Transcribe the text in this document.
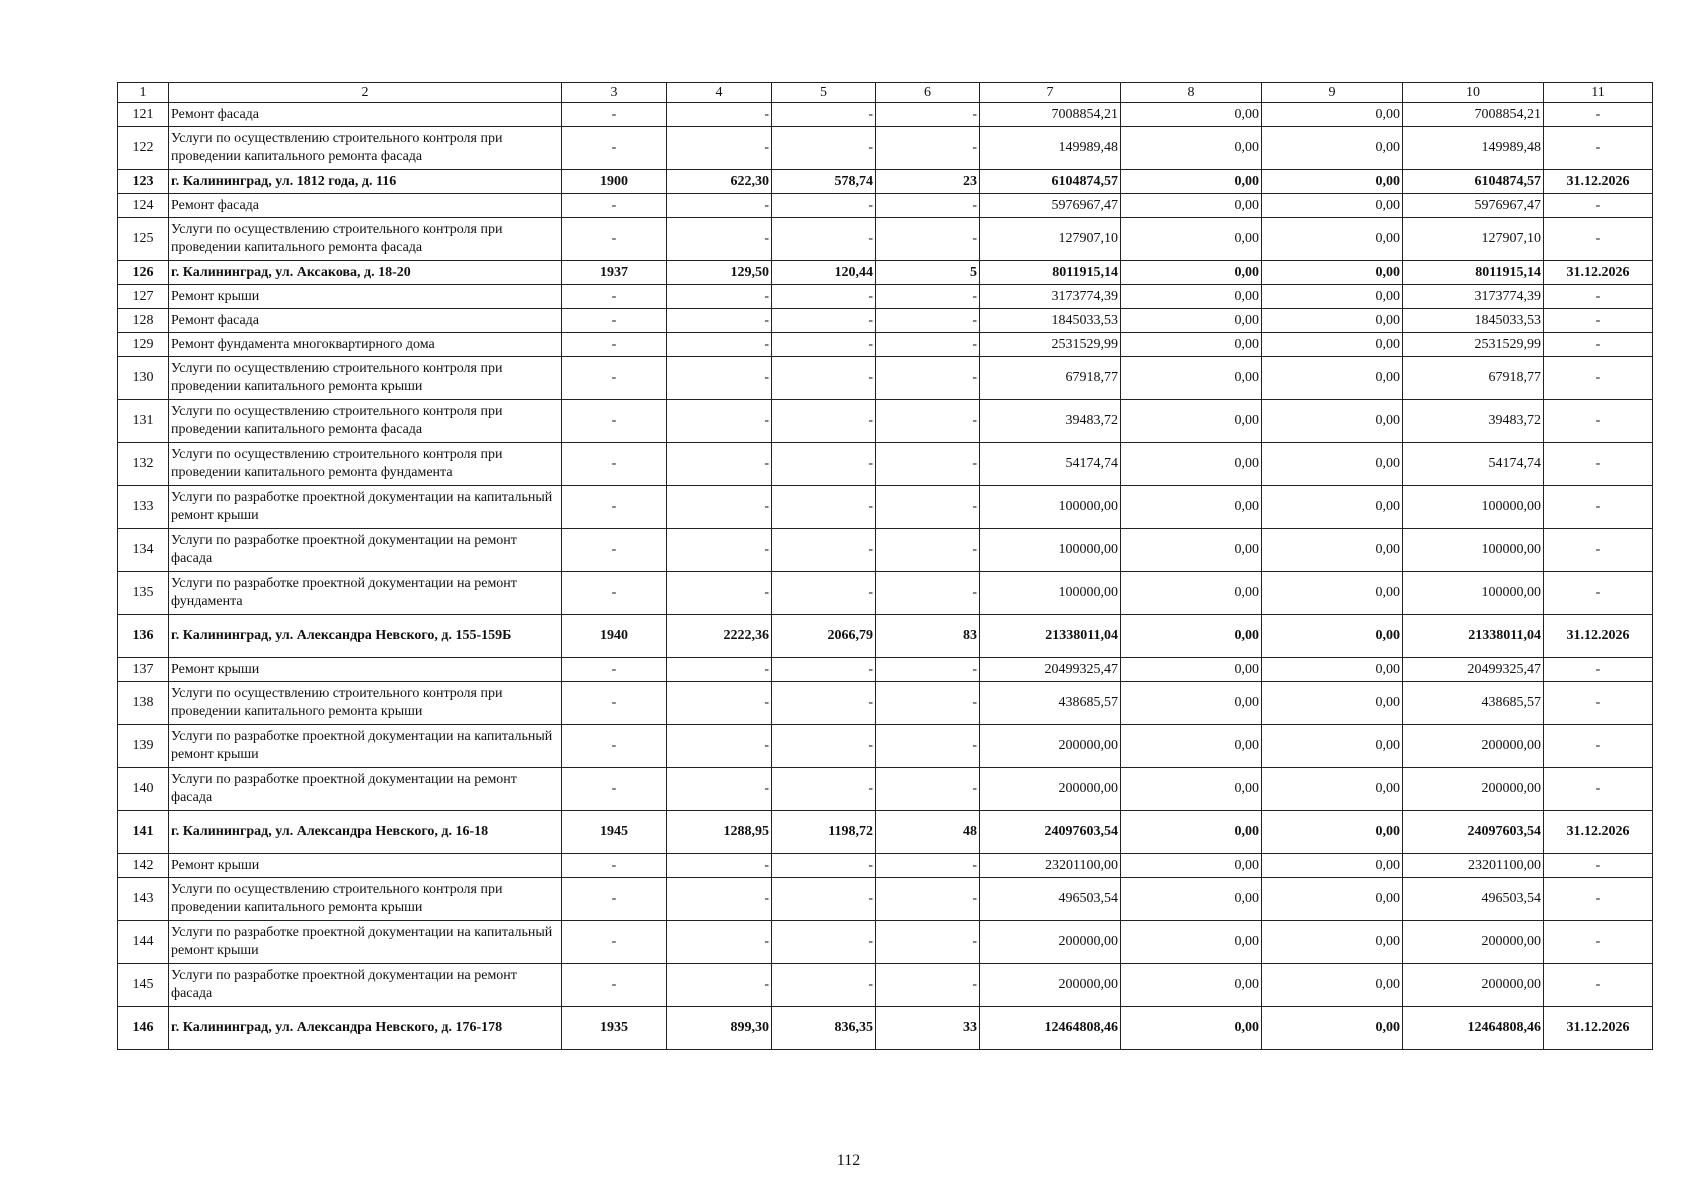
1	2	3	4	5	6	7	8	9	10	11
121	Ремонт фасада	-	-	-	-	7008854,21	0,00	0,00	7008854,21	-
122	Услуги по осуществлению строительного контроля при проведении капитального ремонта фасада	-	-	-	-	149989,48	0,00	0,00	149989,48	-
123	г. Калининград, ул. 1812 года, д. 116	1900	622,30	578,74	23	6104874,57	0,00	0,00	6104874,57	31.12.2026
124	Ремонт фасада	-	-	-	-	5976967,47	0,00	0,00	5976967,47	-
125	Услуги по осуществлению строительного контроля при проведении капитального ремонта фасада	-	-	-	-	127907,10	0,00	0,00	127907,10	-
126	г. Калининград, ул. Аксакова, д. 18-20	1937	129,50	120,44	5	8011915,14	0,00	0,00	8011915,14	31.12.2026
127	Ремонт крыши	-	-	-	-	3173774,39	0,00	0,00	3173774,39	-
128	Ремонт фасада	-	-	-	-	1845033,53	0,00	0,00	1845033,53	-
129	Ремонт фундамента многоквартирного дома	-	-	-	-	2531529,99	0,00	0,00	2531529,99	-
130	Услуги по осуществлению строительного контроля при проведении капитального ремонта крыши	-	-	-	-	67918,77	0,00	0,00	67918,77	-
131	Услуги по осуществлению строительного контроля при проведении капитального ремонта фасада	-	-	-	-	39483,72	0,00	0,00	39483,72	-
132	Услуги по осуществлению строительного контроля при проведении капитального ремонта фундамента	-	-	-	-	54174,74	0,00	0,00	54174,74	-
133	Услуги по разработке проектной документации на капитальный ремонт крыши	-	-	-	-	100000,00	0,00	0,00	100000,00	-
134	Услуги по разработке проектной документации на ремонт фасада	-	-	-	-	100000,00	0,00	0,00	100000,00	-
135	Услуги по разработке проектной документации на ремонт фундамента	-	-	-	-	100000,00	0,00	0,00	100000,00	-
136	г. Калининград, ул. Александра Невского, д. 155-159Б	1940	2222,36	2066,79	83	21338011,04	0,00	0,00	21338011,04	31.12.2026
137	Ремонт крыши	-	-	-	-	20499325,47	0,00	0,00	20499325,47	-
138	Услуги по осуществлению строительного контроля при проведении капитального ремонта крыши	-	-	-	-	438685,57	0,00	0,00	438685,57	-
139	Услуги по разработке проектной документации на капитальный ремонт крыши	-	-	-	-	200000,00	0,00	0,00	200000,00	-
140	Услуги по разработке проектной документации на ремонт фасада	-	-	-	-	200000,00	0,00	0,00	200000,00	-
141	г. Калининград, ул. Александра Невского, д. 16-18	1945	1288,95	1198,72	48	24097603,54	0,00	0,00	24097603,54	31.12.2026
142	Ремонт крыши	-	-	-	-	23201100,00	0,00	0,00	23201100,00	-
143	Услуги по осуществлению строительного контроля при проведении капитального ремонта крыши	-	-	-	-	496503,54	0,00	0,00	496503,54	-
144	Услуги по разработке проектной документации на капитальный ремонт крыши	-	-	-	-	200000,00	0,00	0,00	200000,00	-
145	Услуги по разработке проектной документации на ремонт фасада	-	-	-	-	200000,00	0,00	0,00	200000,00	-
146	г. Калининград, ул. Александра Невского, д. 176-178	1935	899,30	836,35	33	12464808,46	0,00	0,00	12464808,46	31.12.2026
112
